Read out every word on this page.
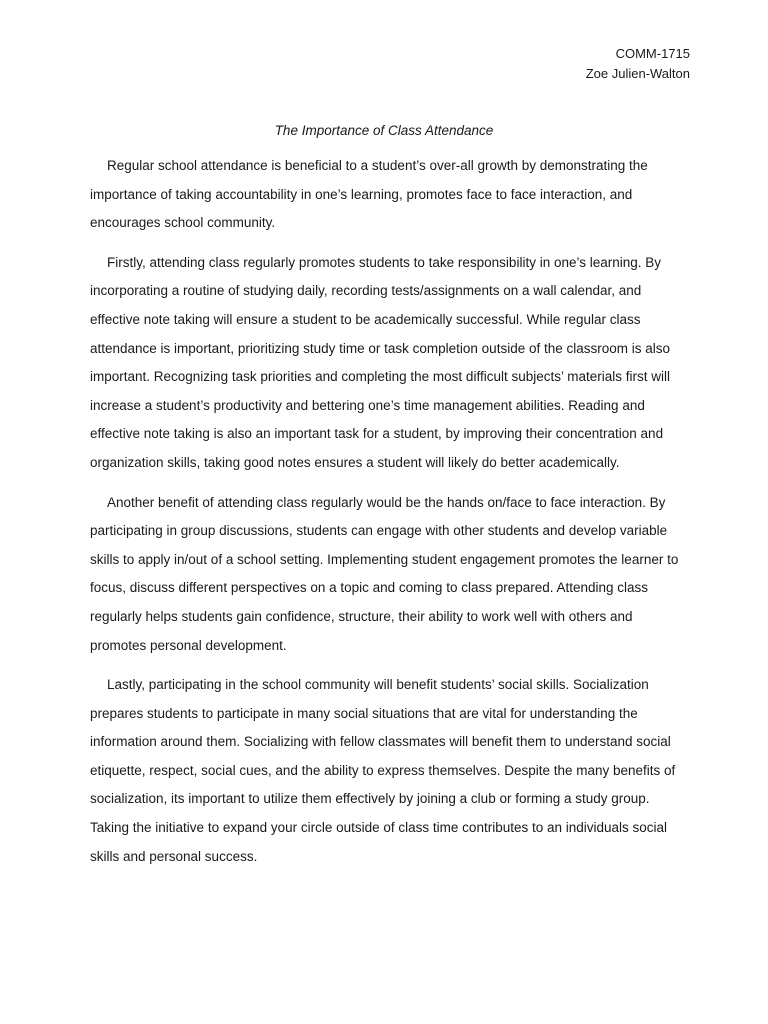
COMM-1715
Zoe Julien-Walton
The Importance of Class Attendance

Regular school attendance is beneficial to a student’s over-all growth by demonstrating the importance of taking accountability in one’s learning, promotes face to face interaction, and encourages school community.

Firstly, attending class regularly promotes students to take responsibility in one’s learning. By incorporating a routine of studying daily, recording tests/assignments on a wall calendar, and effective note taking will ensure a student to be academically successful. While regular class attendance is important, prioritizing study time or task completion outside of the classroom is also important. Recognizing task priorities and completing the most difficult subjects’ materials first will increase a student’s productivity and bettering one’s time management abilities. Reading and effective note taking is also an important task for a student, by improving their concentration and organization skills, taking good notes ensures a student will likely do better academically.

Another benefit of attending class regularly would be the hands on/face to face interaction. By participating in group discussions, students can engage with other students and develop variable skills to apply in/out of a school setting. Implementing student engagement promotes the learner to focus, discuss different perspectives on a topic and coming to class prepared. Attending class regularly helps students gain confidence, structure, their ability to work well with others and promotes personal development.

Lastly, participating in the school community will benefit students’ social skills. Socialization prepares students to participate in many social situations that are vital for understanding the information around them. Socializing with fellow classmates will benefit them to understand social etiquette, respect, social cues, and the ability to express themselves. Despite the many benefits of socialization, its important to utilize them effectively by joining a club or forming a study group. Taking the initiative to expand your circle outside of class time contributes to an individuals social skills and personal success.
